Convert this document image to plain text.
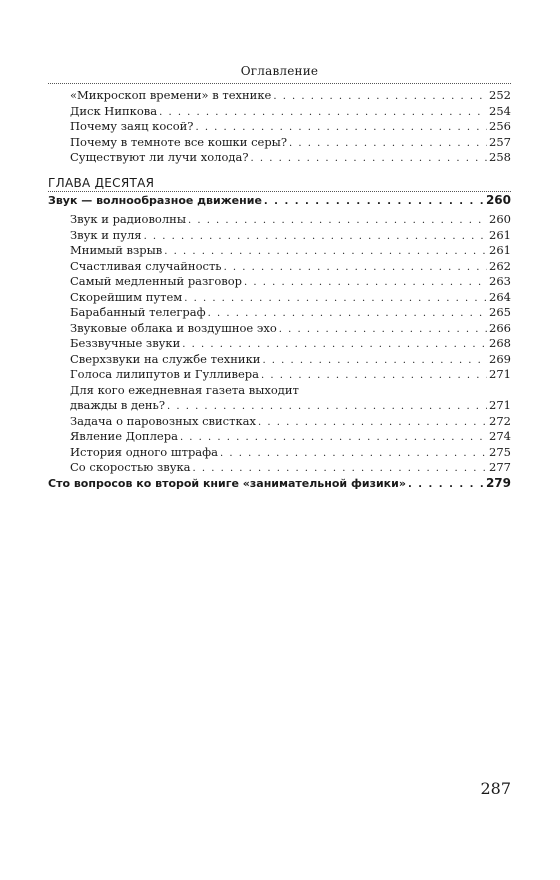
Оглавление
«Микроскоп времени» в технике . . .	252
Диск Нипкова . . .	254
Почему заяц косой? . . .	256
Почему в темноте все кошки серы? . . .	257
Существуют ли лучи холода? . . .	258
ГЛАВА ДЕСЯТАЯ
Звук — волнообразное движение . . .	260
Звук и радиоволны . . .	260
Звук и пуля . . .	261
Мнимый взрыв . . .	261
Счастливая случайность . . .	262
Самый медленный разговор . . .	263
Скорейшим путем . . .	264
Барабанный телеграф . . .	265
Звуковые облака и воздушное эхо . . .	266
Беззвучные звуки . . .	268
Сверхзвуки на службе техники . . .	269
Голоса лилипутов и Гулливера . . .	271
Для кого ежедневная газета выходит
дважды в день? . . .	271
Задача о паровозных свистках . . .	272
Явление Доплера . . .	274
История одного штрафа . . .	275
Со скоростью звука . . .	277
Сто вопросов ко второй книге «занимательной физики» . . .	279
287
